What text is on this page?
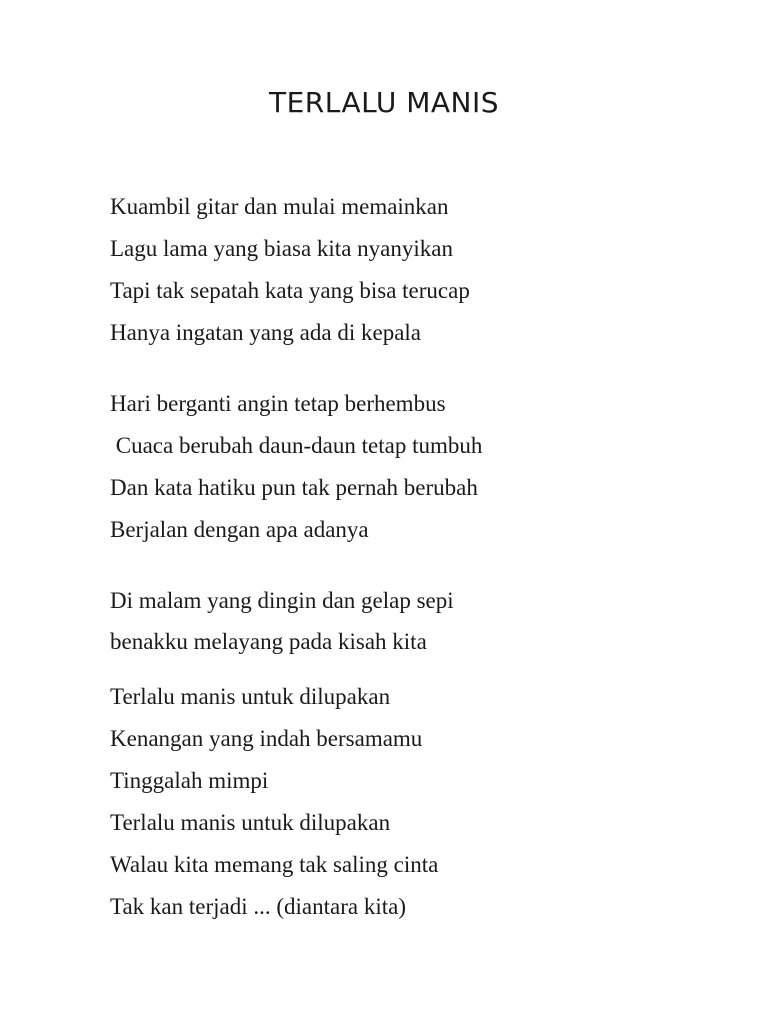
TERLALU MANIS
Kuambil gitar dan mulai memainkan
Lagu lama yang biasa kita nyanyikan
Tapi tak sepatah kata yang bisa terucap
Hanya ingatan yang ada di kepala
Hari berganti angin tetap berhembus
Cuaca berubah daun-daun tetap tumbuh
Dan kata hatiku pun tak pernah berubah
Berjalan dengan apa adanya
Di malam yang dingin dan gelap sepi
benakku melayang pada kisah kita
Terlalu manis untuk dilupakan
Kenangan yang indah bersamamu
Tinggalah mimpi
Terlalu manis untuk dilupakan
Walau kita memang tak saling cinta
Tak kan terjadi ... (diantara kita)
